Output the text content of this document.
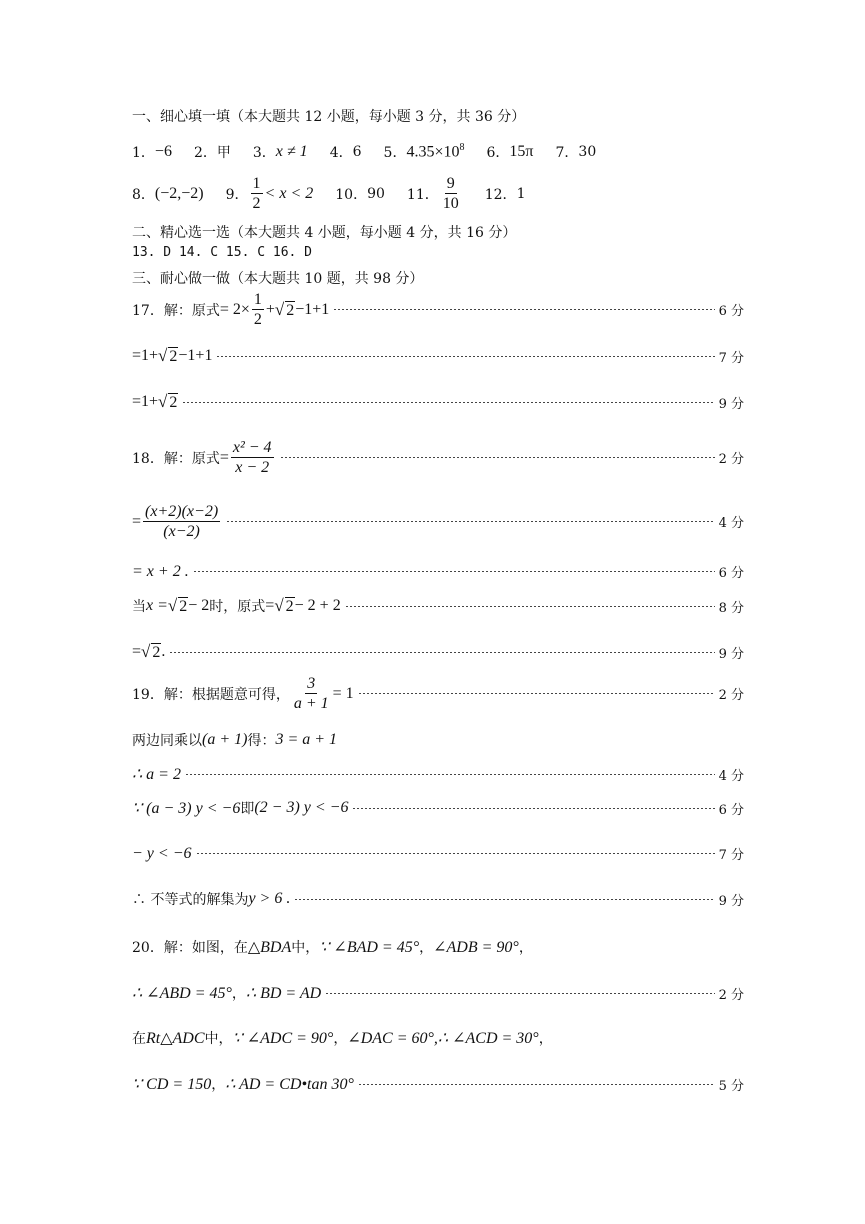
一、细心填一填（本大题共 12 小题，每小题 3 分，共 36 分）
1． −6 2． 甲 3． x ≠ 1 4． 6 5． $4.35\times 10^8$ 6． 15π 7． 30
8． (−2,−2) 9． $\frac{1}{2} < x < 2$ 10． 90 11． $\frac{9}{10} 12$． 1
二、精心选一选（本大题共 4 小题，每小题 4 分，共 16 分）
13. D 14. C 15. C 16. D
三、耐心做一做（本大题共 10 题，共 98 分）
17．解：原式 = $2\times \frac{1}{2}$ + √ 2 −1+1	6 分
=1+ √ 2 −1+1	7 分
=1+ √ 2	9 分
18．解：原式 = $\frac{\text{x² − 4}}{x - 2}$	2 分
= $\frac{(x+2)(x-2)}{(x-2)}$	4 分
= x + 2 .	6 分
当 x = √ 2 − 2 时，原式 = √ 2 − 2 + 2	8 分
= √ 2 .	9 分
19．解：根据题意可得， $\frac{3}{a + 1} = 1$	2 分
两边同乘以 (a + 1) 得： 3 = a + 1
∴ a = 2	4 分
∵ (a − 3) y < −6 即 (2 − 3) y < −6	6 分
− y < −6	7 分
∴ 不等式的解集为 y > 6 .	9 分
20．解：如图，在 △BDA 中， ∵ ∠BAD = 45° ， ∠ADB = 90° ，
∴ ∠ABD = 45° ， ∴ BD = AD	2 分
在 Rt△ADC 中， ∵ ∠ADC = 90° ， ∠DAC = 60°,∴ ∠ACD = 30° ，
∵ CD = 150 ， ∴ AD = CD•tan 30°	5 分
